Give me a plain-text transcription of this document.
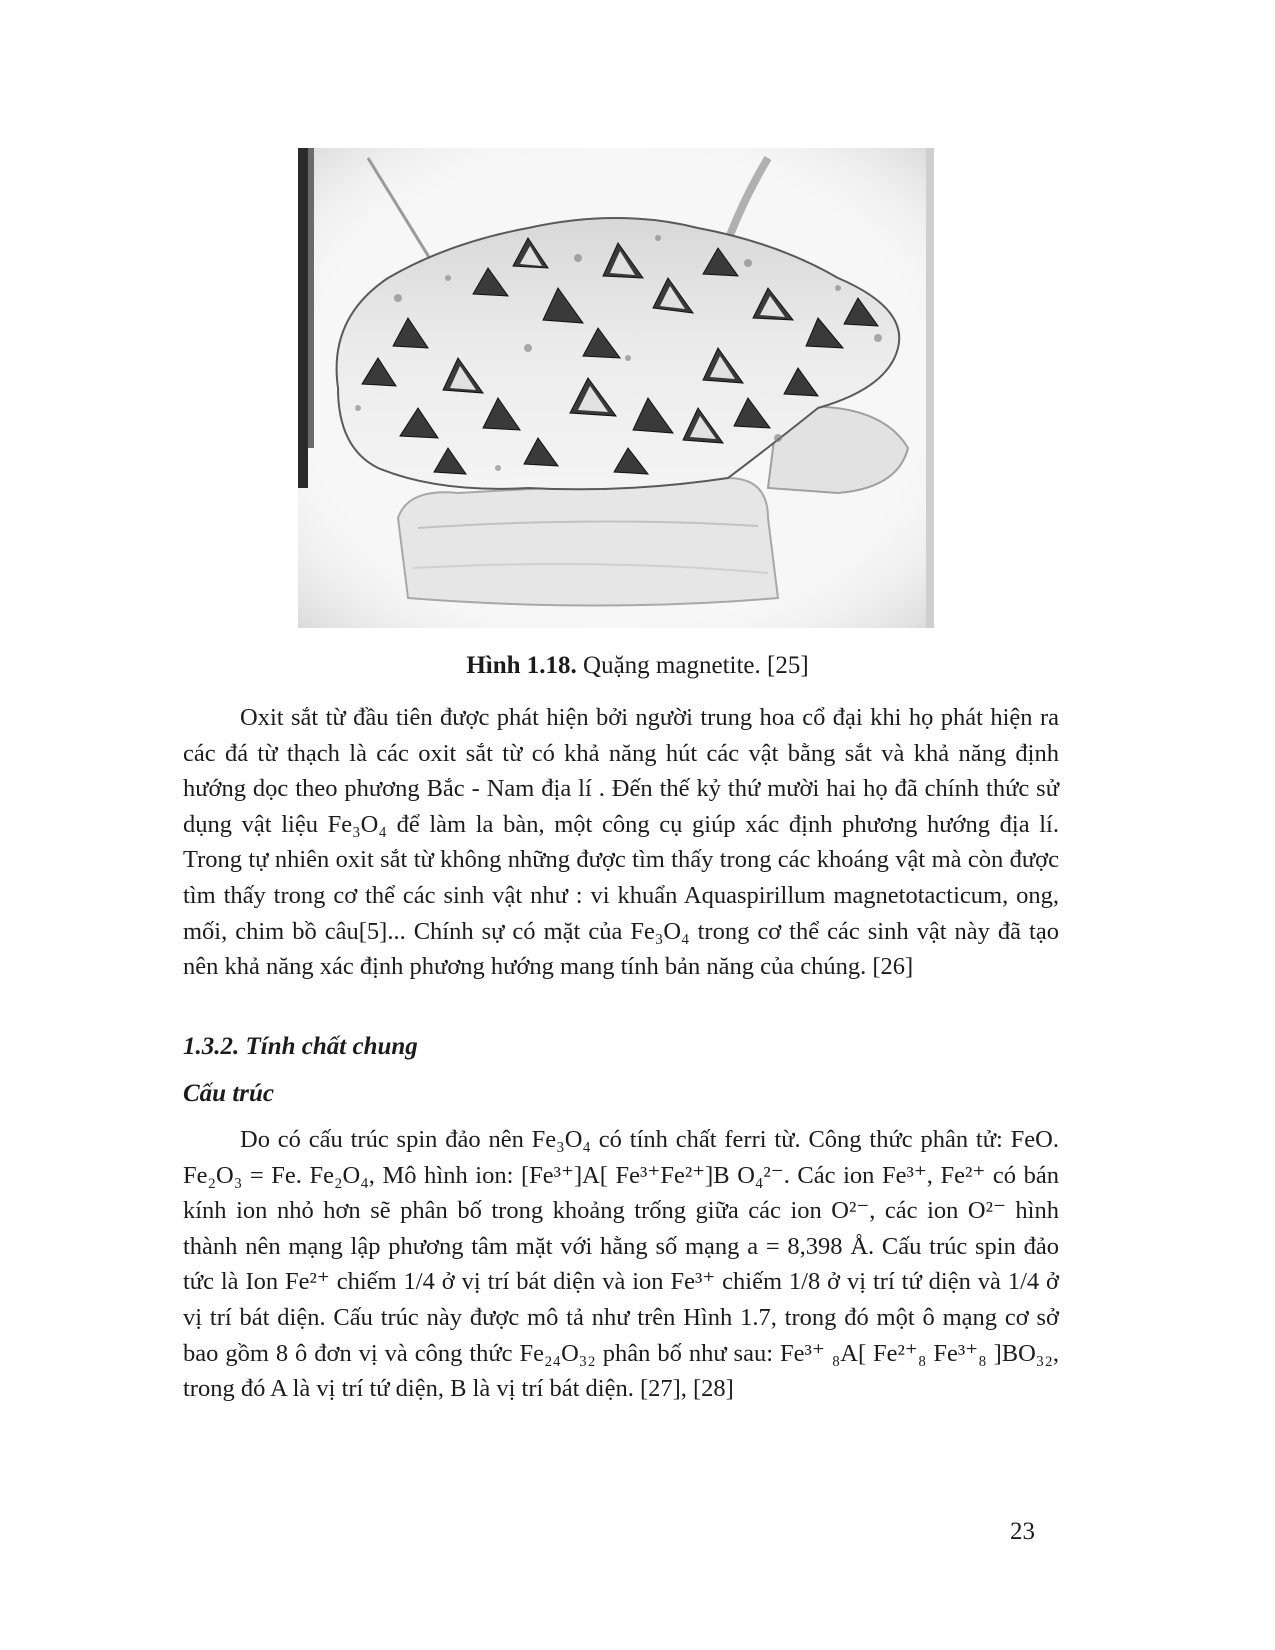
Hình 1.18. Quặng magnetite. [25]

Oxit sắt từ đầu tiên được phát hiện bởi người trung hoa cổ đại khi họ phát hiện ra các đá từ thạch là các oxit sắt từ có khả năng hút các vật bằng sắt và khả năng định hướng dọc theo phương Bắc - Nam địa lí . Đến thế kỷ thứ mười hai họ đã chính thức sử dụng vật liệu Fe₃O₄ để làm la bàn, một công cụ giúp xác định phương hướng địa lí. Trong tự nhiên oxit sắt từ không những được tìm thấy trong các khoáng vật mà còn được tìm thấy trong cơ thể các sinh vật như : vi khuẩn Aquaspirillum magnetotacticum, ong, mối, chim bồ câu[5]... Chính sự có mặt của Fe₃O₄ trong cơ thể các sinh vật này đã tạo nên khả năng xác định phương hướng mang tính bản năng của chúng. [26]

1.3.2. Tính chất chung
Cấu trúc

Do có cấu trúc spin đảo nên Fe₃O₄ có tính chất ferri từ. Công thức phân tử: FeO. Fe₂O₃ = Fe. Fe₂O₄, Mô hình ion: [Fe³⁺]A[ Fe³⁺Fe²⁺]B O₄²⁻. Các ion Fe³⁺, Fe²⁺ có bán kính ion nhỏ hơn sẽ phân bố trong khoảng trống giữa các ion O²⁻, các ion O²⁻ hình thành nên mạng lập phương tâm mặt với hằng số mạng a = 8,398 Å. Cấu trúc spin đảo tức là Ion Fe²⁺ chiếm 1/4 ở vị trí bát diện và ion Fe³⁺ chiếm 1/8 ở vị trí tứ diện và 1/4 ở vị trí bát diện. Cấu trúc này được mô tả như trên Hình 1.7, trong đó một ô mạng cơ sở bao gồm 8 ô đơn vị và công thức Fe₂₄O₃₂ phân bố như sau: Fe³⁺ ₈A[ Fe²⁺₈ Fe³⁺₈ ]BO₃₂, trong đó A là vị trí tứ diện, B là vị trí bát diện. [27], [28]

23
